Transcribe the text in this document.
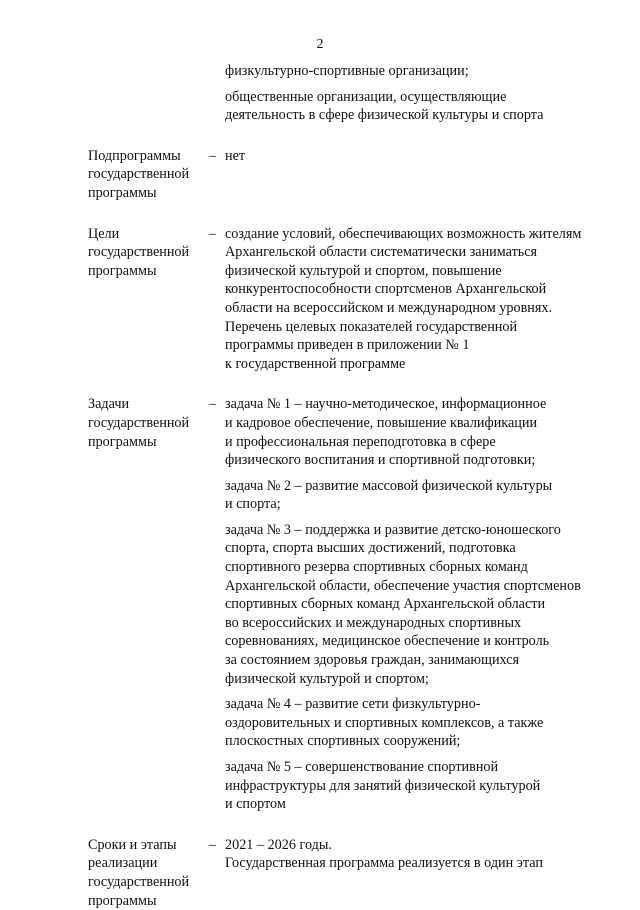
2

физкультурно-спортивные организации;

общественные организации, осуществляющие
деятельность в сфере физической культуры и спорта

Подпрограммы
государственной
программы
– нет

Цели
государственной
программы
– создание условий, обеспечивающих возможность жителям
Архангельской области систематически заниматься
физической культурой и спортом, повышение
конкурентоспособности спортсменов Архангельской
области на всероссийском и международном уровнях.
Перечень целевых показателей государственной
программы приведен в приложении № 1
к государственной программе

Задачи
государственной
программы
– задача № 1 – научно-методическое, информационное
и кадровое обеспечение, повышение квалификации
и профессиональная переподготовка в сфере
физического воспитания и спортивной подготовки;

задача № 2 – развитие массовой физической культуры
и спорта;

задача № 3 – поддержка и развитие детско-юношеского
спорта, спорта высших достижений, подготовка
спортивного резерва спортивных сборных команд
Архангельской области, обеспечение участия спортсменов
спортивных сборных команд Архангельской области
во всероссийских и международных спортивных
соревнованиях, медицинское обеспечение и контроль
за состоянием здоровья граждан, занимающихся
физической культурой и спортом;

задача № 4 – развитие сети физкультурно-
оздоровительных и спортивных комплексов, а также
плоскостных спортивных сооружений;

задача № 5 – совершенствование спортивной
инфраструктуры для занятий физической культурой
и спортом

Сроки и этапы
реализации
государственной
программы
– 2021 – 2026 годы.
Государственная программа реализуется в один этап
